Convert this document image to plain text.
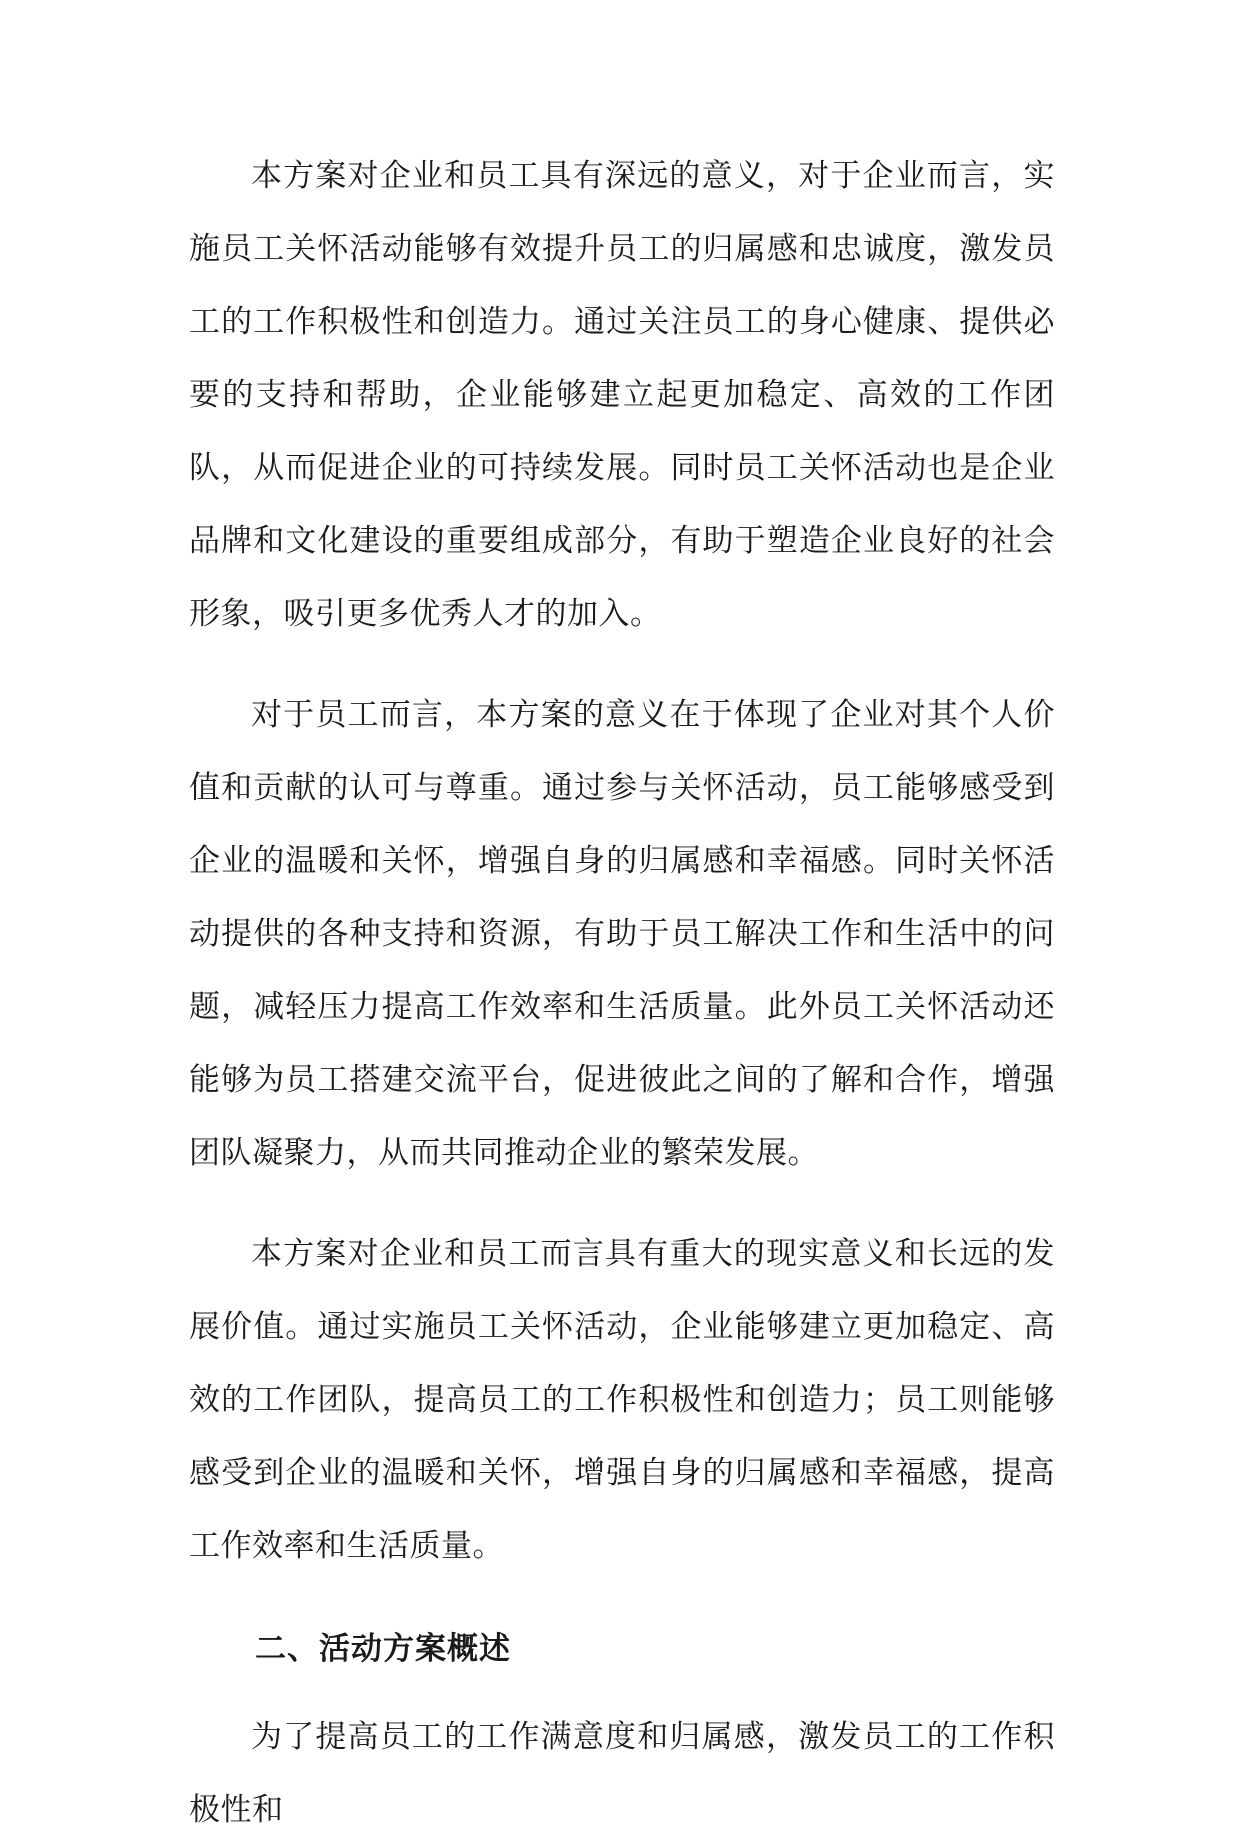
本方案对企业和员工具有深远的意义，对于企业而言，实施员工关怀活动能够有效提升员工的归属感和忠诚度，激发员工的工作积极性和创造力。通过关注员工的身心健康、提供必要的支持和帮助，企业能够建立起更加稳定、高效的工作团队，从而促进企业的可持续发展。同时员工关怀活动也是企业品牌和文化建设的重要组成部分，有助于塑造企业良好的社会形象，吸引更多优秀人才的加入。

对于员工而言，本方案的意义在于体现了企业对其个人价值和贡献的认可与尊重。通过参与关怀活动，员工能够感受到企业的温暖和关怀，增强自身的归属感和幸福感。同时关怀活动提供的各种支持和资源，有助于员工解决工作和生活中的问题，减轻压力提高工作效率和生活质量。此外员工关怀活动还能够为员工搭建交流平台，促进彼此之间的了解和合作，增强团队凝聚力，从而共同推动企业的繁荣发展。

本方案对企业和员工而言具有重大的现实意义和长远的发展价值。通过实施员工关怀活动，企业能够建立更加稳定、高效的工作团队，提高员工的工作积极性和创造力；员工则能够感受到企业的温暖和关怀，增强自身的归属感和幸福感，提高工作效率和生活质量。

二、活动方案概述

为了提高员工的工作满意度和归属感，激发员工的工作积极性和
